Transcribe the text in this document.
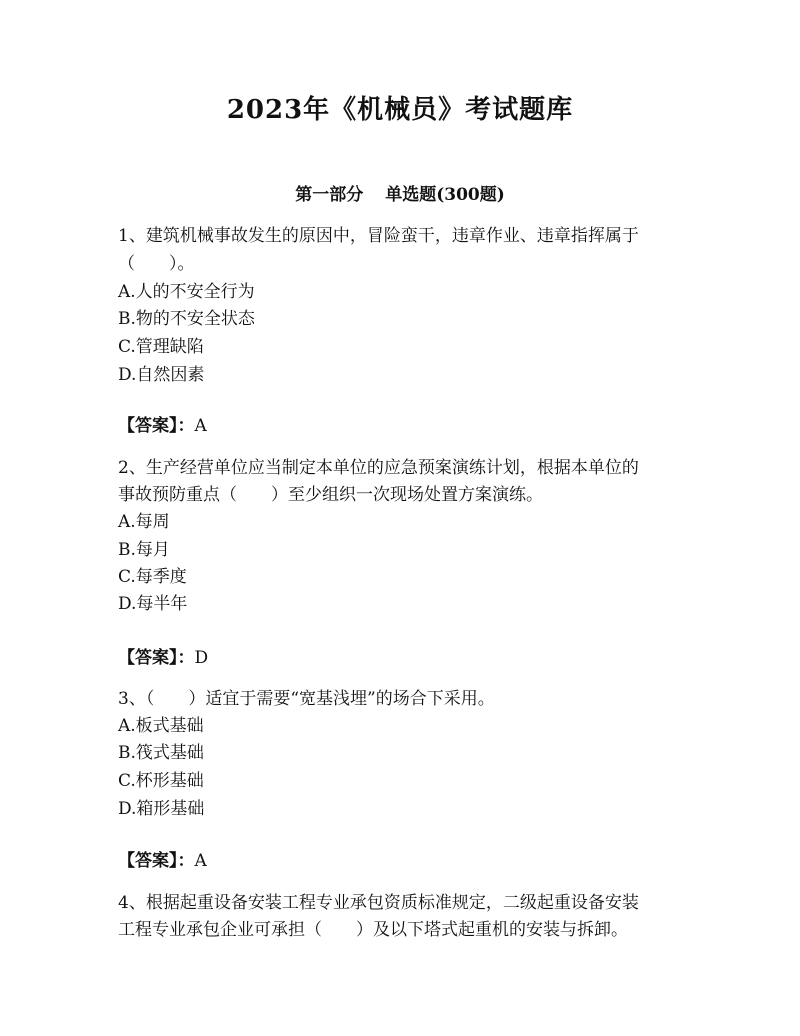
2023年《机械员》考试题库
第一部分 单选题(300题)
1、建筑机械事故发生的原因中，冒险蛮干，违章作业、违章指挥属于
（　　）。
A.人的不安全行为
B.物的不安全状态
C.管理缺陷
D.自然因素
【答案】：A
2、生产经营单位应当制定本单位的应急预案演练计划，根据本单位的
事故预防重点（　　）至少组织一次现场处置方案演练。
A.每周
B.每月
C.每季度
D.每半年
【答案】：D
3、（　　）适宜于需要“宽基浅埋”的场合下采用。
A.板式基础
B.筏式基础
C.杯形基础
D.箱形基础
【答案】：A
4、根据起重设备安装工程专业承包资质标准规定，二级起重设备安装
工程专业承包企业可承担（　　）及以下塔式起重机的安装与拆卸。
